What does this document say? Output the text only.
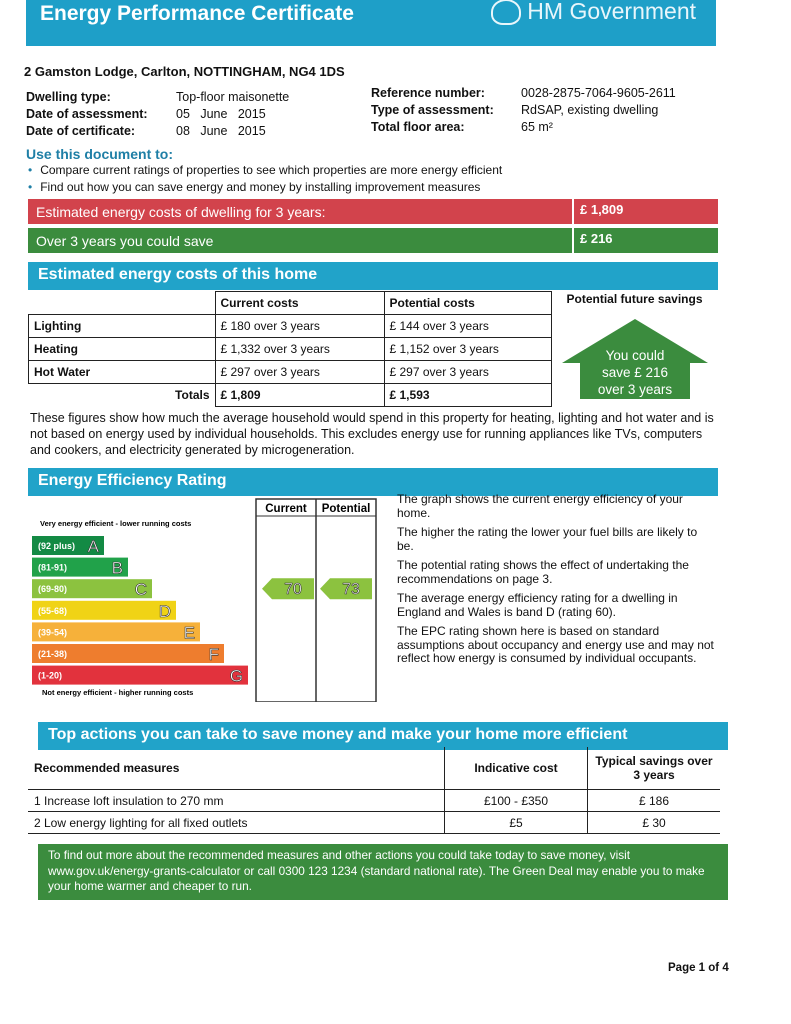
Energy Performance Certificate	HM Government
2 Gamston Lodge, Carlton, NOTTINGHAM, NG4 1DS
Dwelling type:	Top-floor maisonette
Date of assessment:	05   June   2015
Date of certificate:	08   June   2015
Reference number:	0028-2875-7064-9605-2611
Type of assessment:	RdSAP, existing dwelling
Total floor area:	65 m²
Use this document to:
• Compare current ratings of properties to see which properties are more energy efficient
• Find out how you can save energy and money by installing improvement measures
Estimated energy costs of dwelling for 3 years:	£ 1,809
Over 3 years you could save	£ 216
Estimated energy costs of this home
	Current costs	Potential costs	Potential future savings
Lighting	£ 180 over 3 years	£ 144 over 3 years	
Heating	£ 1,332 over 3 years	£ 1,152 over 3 years	
Hot Water	£ 297 over 3 years	£ 297 over 3 years	
Totals	£ 1,809	£ 1,593	
You could
save £ 216
over 3 years
These figures show how much the average household would spend in this property for heating, lighting and hot water and is not based on energy used by individual households. This excludes energy use for running appliances like TVs, computers and cookers, and electricity generated by microgeneration.
Energy Efficiency Rating
Current Potential
Very energy efficient - lower running costs
Not energy efficient - higher running costs
(92 plus) A
(81-91)	B
(69-80)	C
(55-68)	D
(39-54)	E
(21-38)	F
(1-20)	G
70	73

The graph shows the current energy efficiency of your home.

The higher the rating the lower your fuel bills are likely to be.

The potential rating shows the effect of undertaking the recommendations on page 3.

The average energy efficiency rating for a dwelling in England and Wales is band D (rating 60).

The EPC rating shown here is based on standard assumptions about occupancy and energy use and may not reflect how energy is consumed by individual occupants.

Top actions you can take to save money and make your home more efficient
Recommended measures	Indicative cost	Typical savings over 3 years
1 Increase loft insulation to 270 mm	£100 - £350	£ 186
2 Low energy lighting for all fixed outlets	£5	£ 30
To find out more about the recommended measures and other actions you could take today to save money, visit www.gov.uk/energy-grants-calculator or call 0300 123 1234 (standard national rate). The Green Deal may enable you to make your home warmer and cheaper to run.
Page 1 of 4
